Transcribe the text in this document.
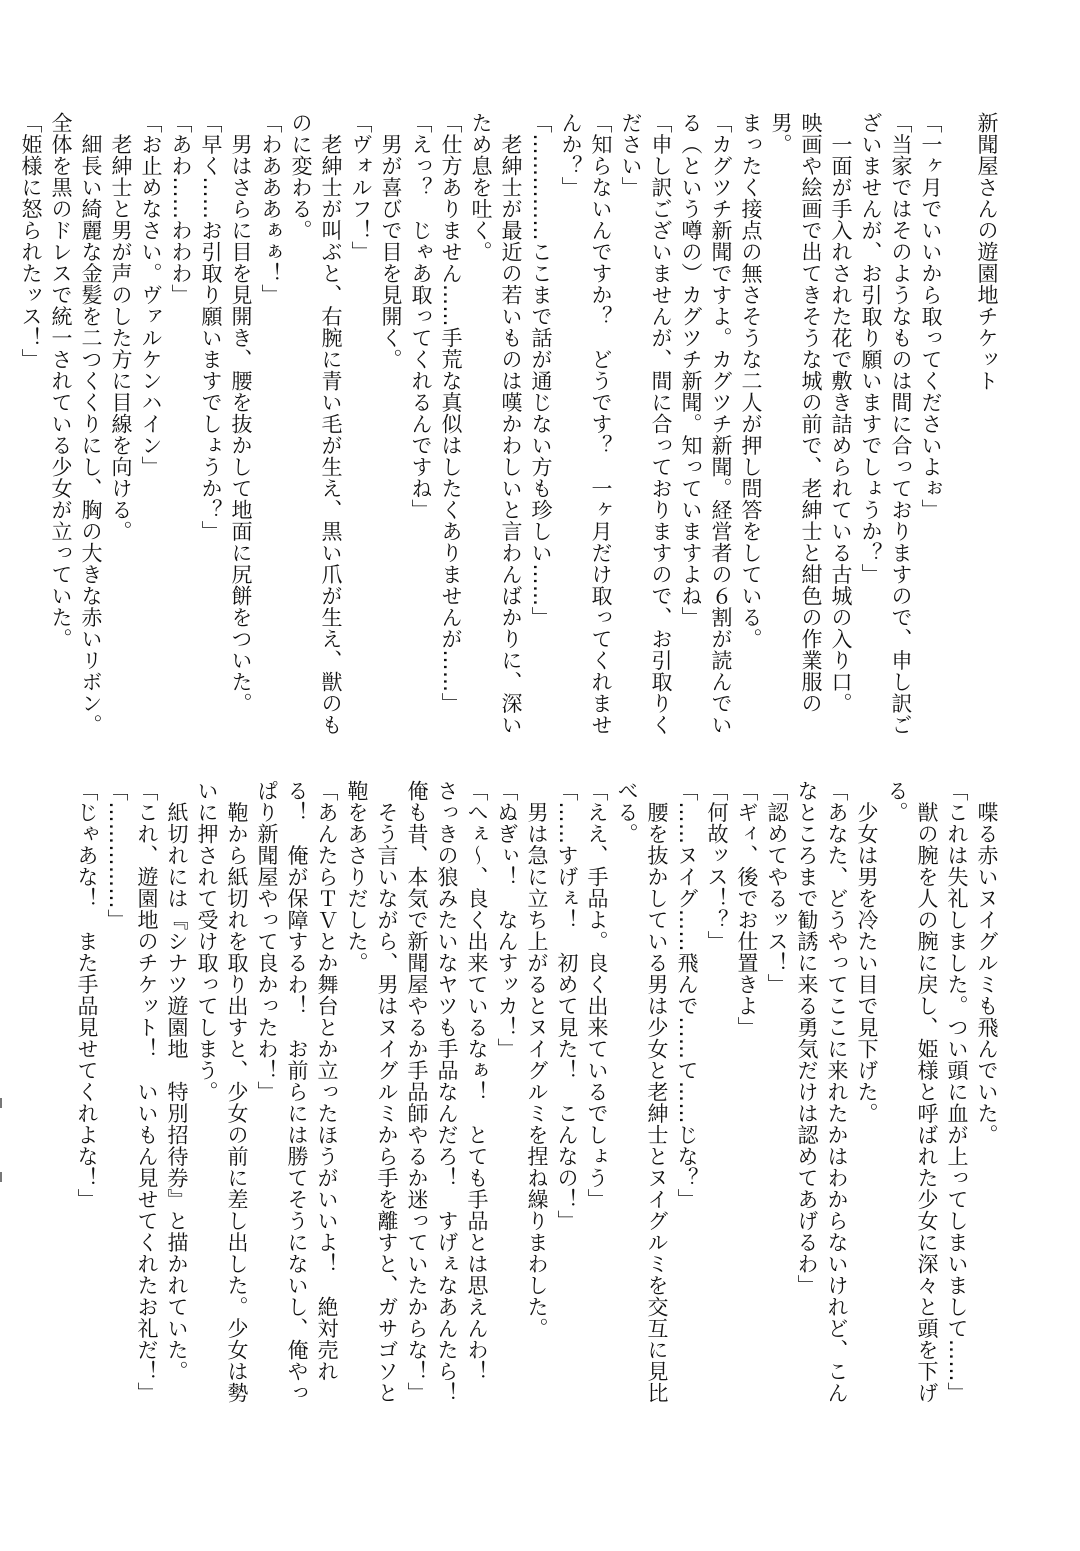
新聞屋さんの遊園地チケット
「一ヶ月でいいから取ってくださいよぉ」
「当家ではそのようなものは間に合っておりますので、申し訳ございませんが、お引取り願いますでしょうか？」
　一面が手入れされた花で敷き詰められている古城の入り口。
映画や絵画で出てきそうな城の前で、老紳士と紺色の作業服の男。
まったく接点の無さそうな二人が押し問答をしている。
「カグツチ新聞ですよ。カグツチ新聞。経営者の６割が読んでいる（という噂の）カグツチ新聞。知っていますよね」
「申し訳ございませんが、間に合っておりますので、お引取りください」
「知らないんですか？　どうです？　一ヶ月だけ取ってくれませんか？」
「……………ここまで話が通じない方も珍しい……」
　老紳士が最近の若いものは嘆かわしいと言わんばかりに、深いため息を吐く。
「仕方ありません……手荒な真似はしたくありませんが……」
「えっ？　じゃあ取ってくれるんですね」
　男が喜びで目を見開く。
「ヴォルフ！」
　老紳士が叫ぶと、右腕に青い毛が生え、黒い爪が生え、獣のものに変わる。
「わあああぁぁ！」
　男はさらに目を見開き、腰を抜かして地面に尻餅をついた。
「早く……お引取り願いますでしょうか？」
「あわ……わわわ」
「お止めなさい。ヴァルケンハイン」
　老紳士と男が声のした方に目線を向ける。
　細長い綺麗な金髪を二つくくりにし、胸の大きな赤いリボン。全体を黒のドレスで統一されている少女が立っていた。
「姫様に怒られたッス！」
　喋る赤いヌイグルミも飛んでいた。
「これは失礼しました。つい頭に血が上ってしまいまして……」
　獣の腕を人の腕に戻し、姫様と呼ばれた少女に深々と頭を下げる。
　少女は男を冷たい目で見下げた。
「あなた、どうやってここに来れたかはわからないけれど、こんなところまで勧誘に来る勇気だけは認めてあげるわ」
「認めてやるッス！」
「ギィ、後でお仕置きよ」
「何故ッス！？」
「……ヌイグ……飛んで……て……じな？」
　腰を抜かしている男は少女と老紳士とヌイグルミを交互に見比べる。
「ええ、手品よ。良く出来ているでしょう」
「……すげぇ！　初めて見た！　こんなの！」
　男は急に立ち上がるとヌイグルミを捏ね繰りまわした。
「ぬぎぃ！　なんすッカ！」
「へぇ～、良く出来ているなぁ！　とても手品とは思えんわ！　さっきの狼みたいなヤツも手品なんだろ！　すげぇなあんたら！　俺も昔、本気で新聞屋やるか手品師やるか迷っていたからな！」
　そう言いながら、男はヌイグルミから手を離すと、ガサゴソと鞄をあさりだした。
「あんたらＴＶとか舞台とか立ったほうがいいよ！　絶対売れる！　俺が保障するわ！　お前らには勝てそうにないし、俺やっぱり新聞屋やって良かったわ！」
　鞄から紙切れを取り出すと、少女の前に差し出した。少女は勢いに押されて受け取ってしまう。
　紙切れには『シナツ遊園地　特別招待券』と描かれていた。
「これ、遊園地のチケット！　いいもん見せてくれたお礼だ！」
「……………」
「じゃあな！　また手品見せてくれよな！」
